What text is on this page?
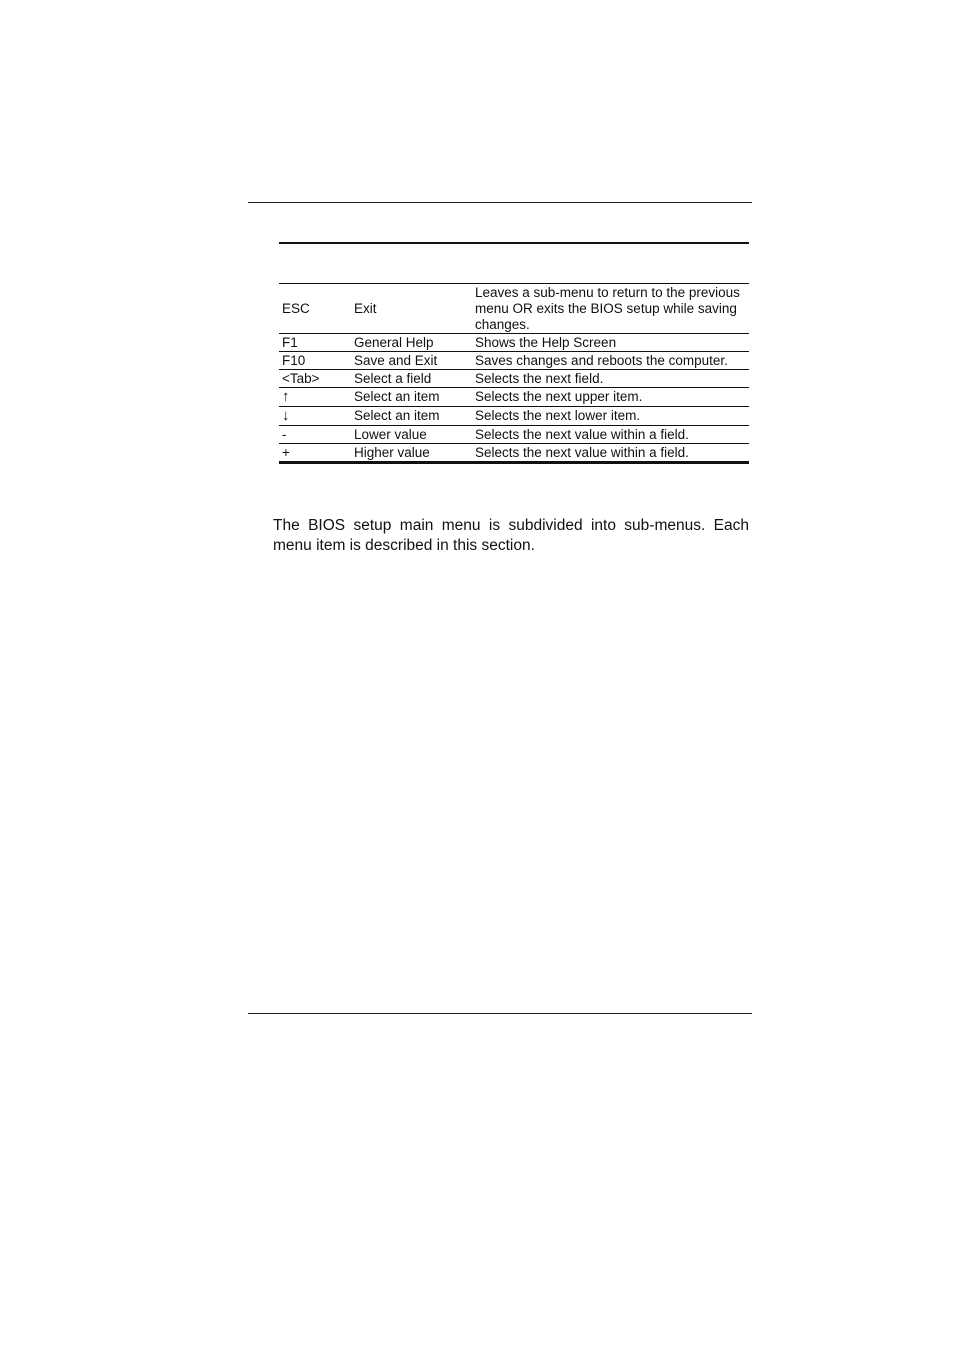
ESC	Exit	Leaves a sub-menu to return to the previous menu OR exits the BIOS setup while saving changes.
F1	General Help	Shows the Help Screen
F10	Save and Exit	Saves changes and reboots the computer.
<Tab>	Select a field	Selects the next field.
↑	Select an item	Selects the next upper item.
↓	Select an item	Selects the next lower item.
-	Lower value	Selects the next value within a field.
+	Higher value	Selects the next value within a field.

The BIOS setup main menu is subdivided into sub-menus. Each menu item is described in this section.
